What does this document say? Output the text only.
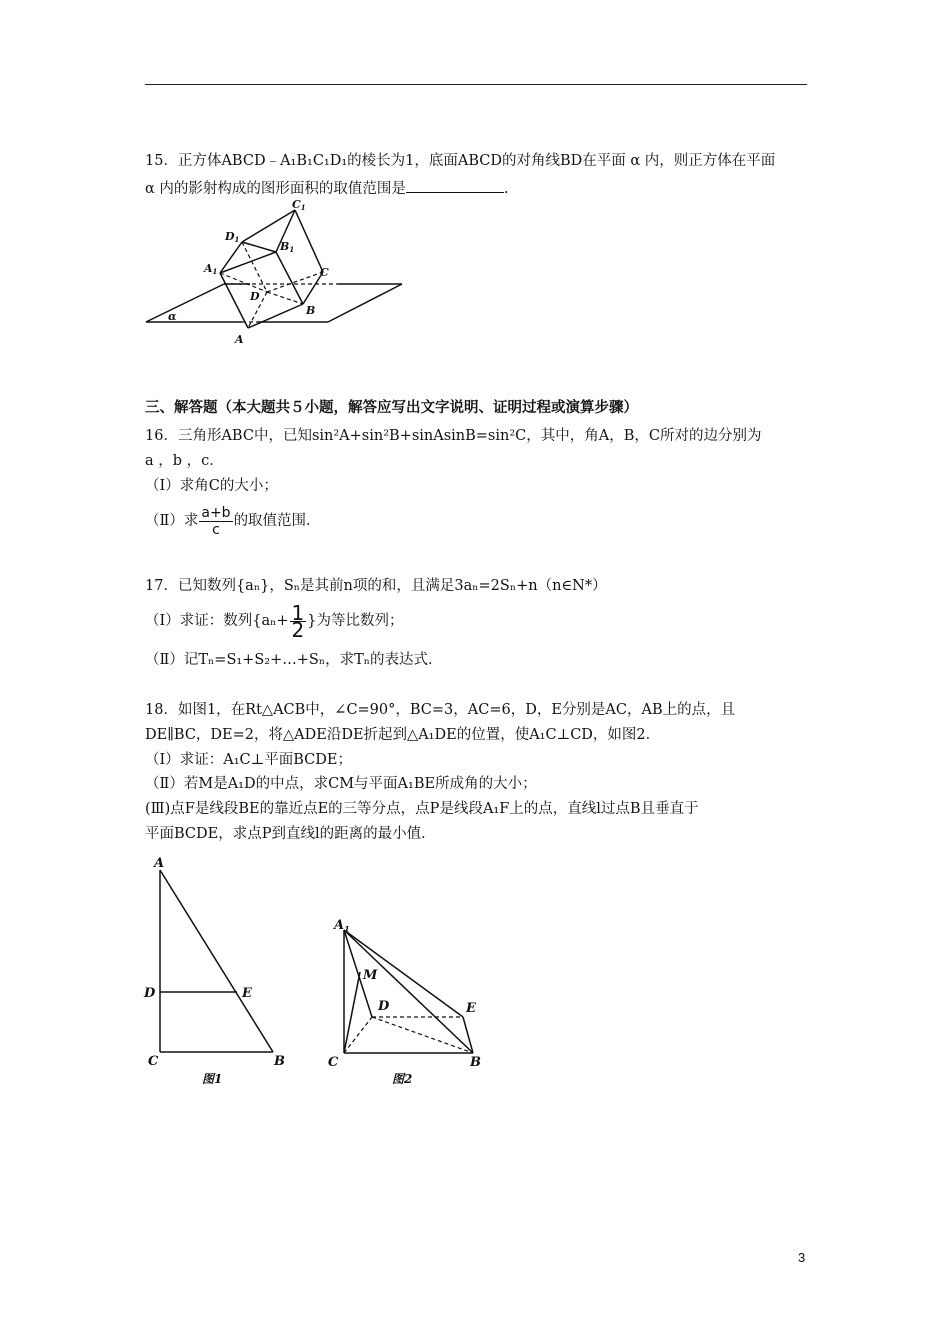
15．正方体ABCD﹣A₁B₁C₁D₁的棱长为1，底面ABCD的对角线BD在平面 α 内，则正方体在平面
α 内的影射构成的图形面积的取值范围是	.
C1
D1
B1
A1	C
D
B
A
α
三、解答题（本大题共５小题，解答应写出文字说明、证明过程或演算步骤）
16．三角形ABC中，已知sin²A+sin²B+sinAsinB=sin²C，其中，角A，B，C所对的边分别为
a ，b ，c．
（Ⅰ）求角C的大小；
（Ⅱ）求 $\frac{a+b}{c}$ 的取值范围．
17．已知数列{aₙ}，Sₙ是其前n项的和，且满足3aₙ=2Sₙ+n（n∈N*）
（Ⅰ）求证：数列{$a_n+ \frac{1}{2}$ }为等比数列；
（Ⅱ）记Tₙ=S₁+S₂+…+Sₙ，求Tₙ的表达式．
18．如图1，在Rt△ACB中，∠C=90°，BC=3，AC=6，D，E分别是AC，AB上的点，且
DE∥BC，DE=2，将△ADE沿DE折起到△A₁DE的位置，使A₁C⊥CD，如图2．
（Ⅰ）求证：A₁C⊥平面BCDE；
（Ⅱ）若M是A₁D的中点，求CM与平面A₁BE所成角的大小；
(Ⅲ)点F是线段BE的靠近点E的三等分点，点P是线段A₁F上的点，直线l过点B且垂直于
平面BCDE，求点P到直线l的距离的最小值．
A
D	E
C	B
图1
$A_1$
M
D	E
C	B
图2
3
